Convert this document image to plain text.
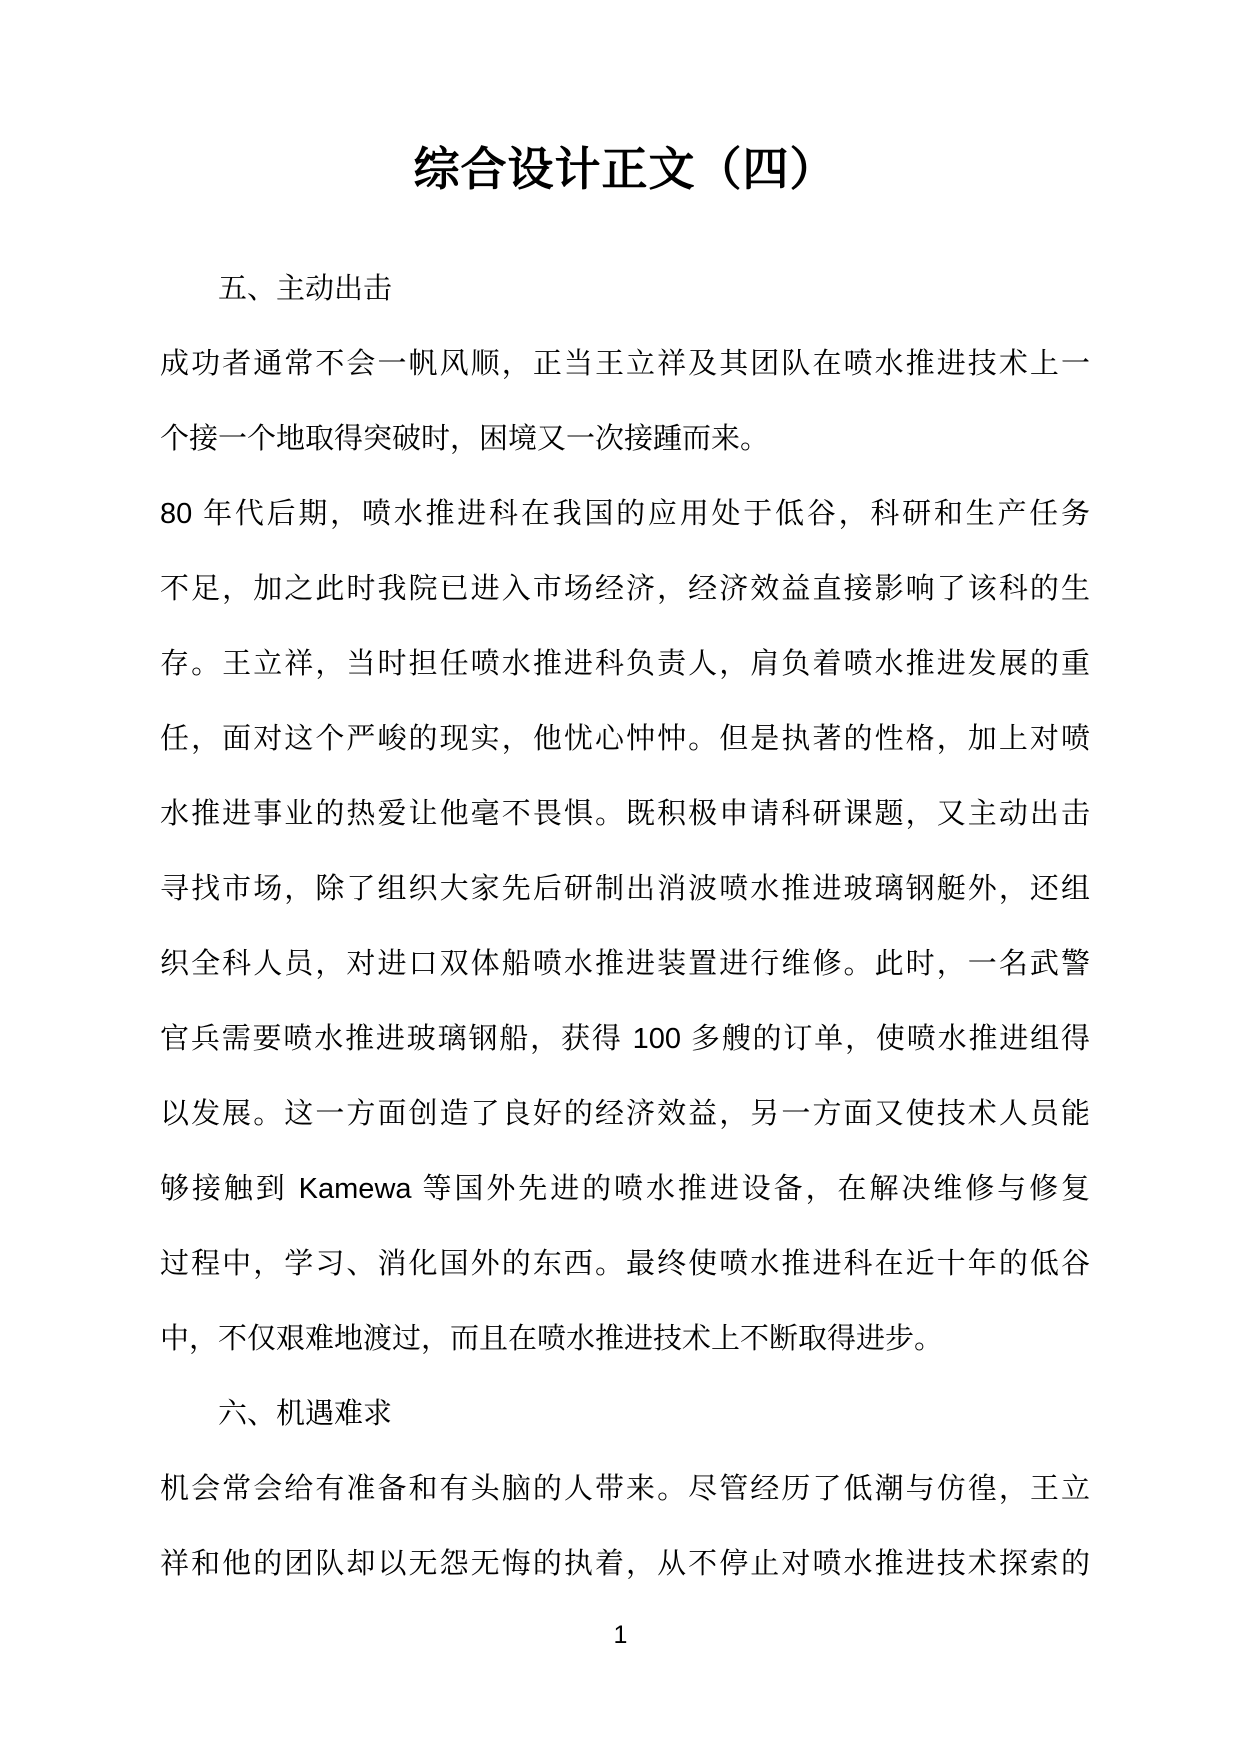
综合设计正文（四）
五、主动出击
成功者通常不会一帆风顺，正当王立祥及其团队在喷水推进技术上一
个接一个地取得突破时，困境又一次接踵而来。
80 年代后期，喷水推进科在我国的应用处于低谷，科研和生产任务
不足，加之此时我院已进入市场经济，经济效益直接影响了该科的生
存。王立祥，当时担任喷水推进科负责人，肩负着喷水推进发展的重
任，面对这个严峻的现实，他忧心忡忡。但是执著的性格，加上对喷
水推进事业的热爱让他毫不畏惧。既积极申请科研课题，又主动出击
寻找市场，除了组织大家先后研制出消波喷水推进玻璃钢艇外，还组
织全科人员，对进口双体船喷水推进装置进行维修。此时，一名武警
官兵需要喷水推进玻璃钢船，获得 100 多艘的订单，使喷水推进组得
以发展。这一方面创造了良好的经济效益，另一方面又使技术人员能
够接触到 Kamewa 等国外先进的喷水推进设备，在解决维修与修复
过程中，学习、消化国外的东西。最终使喷水推进科在近十年的低谷
中，不仅艰难地渡过，而且在喷水推进技术上不断取得进步。
六、机遇难求
机会常会给有准备和有头脑的人带来。尽管经历了低潮与仿徨，王立
祥和他的团队却以无怨无悔的执着，从不停止对喷水推进技术探索的
1
